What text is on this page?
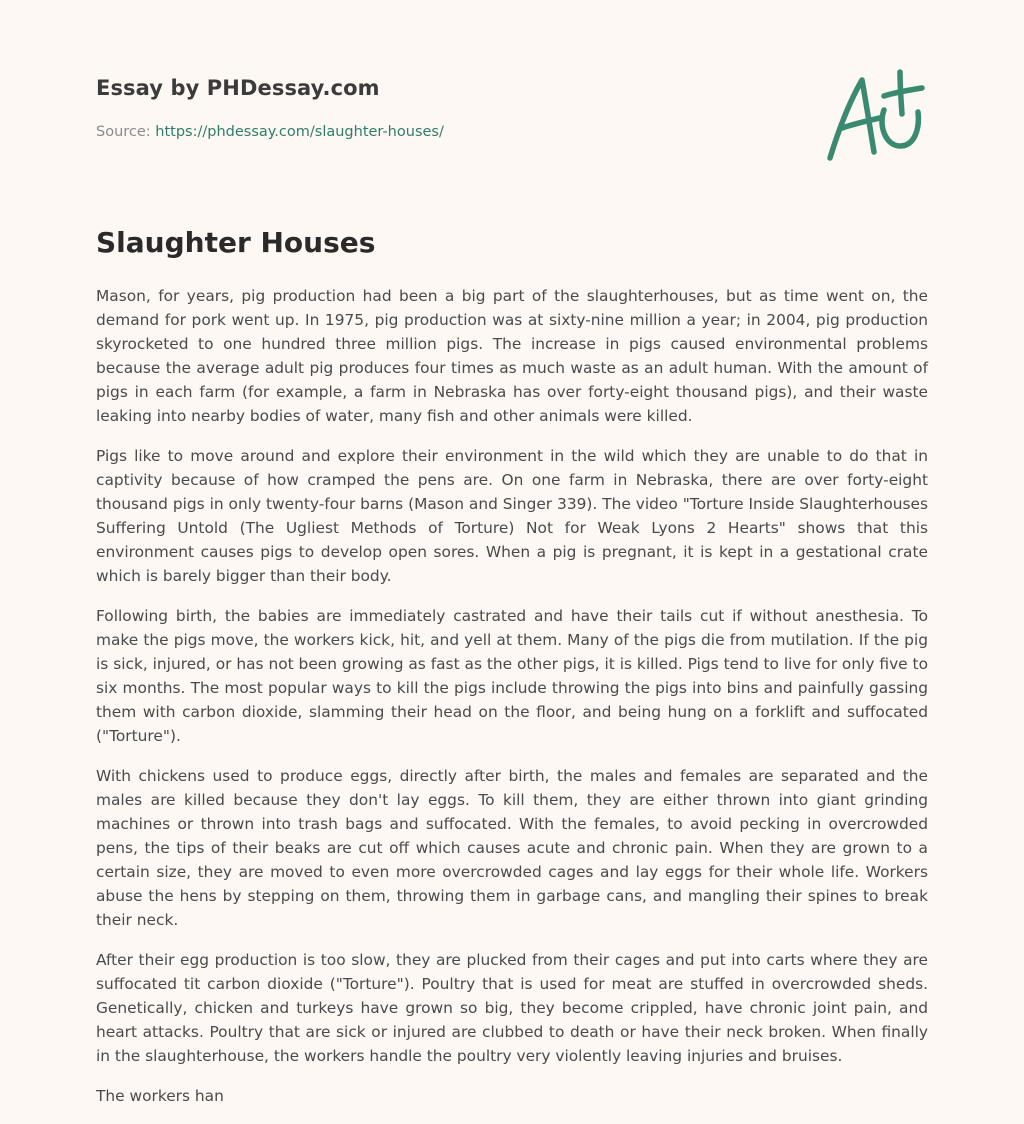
Essay by PHDessay.com

Source: https://phdessay.com/slaughter-houses/
Slaughter Houses

Mason, for years, pig production had been a big part of the slaughterhouses, but as time went on, the demand for pork went up. In 1975, pig production was at sixty-nine million a year; in 2004, pig production skyrocketed to one hundred three million pigs. The increase in pigs caused environmental problems because the average adult pig produces four times as much waste as an adult human. With the amount of pigs in each farm (for example, a farm in Nebraska has over forty-eight thousand pigs), and their waste leaking into nearby bodies of water, many fish and other animals were killed.

Pigs like to move around and explore their environment in the wild which they are unable to do that in captivity because of how cramped the pens are. On one farm in Nebraska, there are over forty-eight thousand pigs in only twenty-four barns (Mason and Singer 339). The video "Torture Inside Slaughterhouses Suffering Untold (The Ugliest Methods of Torture) Not for Weak Lyons 2 Hearts" shows that this environment causes pigs to develop open sores. When a pig is pregnant, it is kept in a gestational crate which is barely bigger than their body.

Following birth, the babies are immediately castrated and have their tails cut if without anesthesia. To make the pigs move, the workers kick, hit, and yell at them. Many of the pigs die from mutilation. If the pig is sick, injured, or has not been growing as fast as the other pigs, it is killed. Pigs tend to live for only five to six months. The most popular ways to kill the pigs include throwing the pigs into bins and painfully gassing them with carbon dioxide, slamming their head on the floor, and being hung on a forklift and suffocated ("Torture").

With chickens used to produce eggs, directly after birth, the males and females are separated and the males are killed because they don't lay eggs. To kill them, they are either thrown into giant grinding machines or thrown into trash bags and suffocated. With the females, to avoid pecking in overcrowded pens, the tips of their beaks are cut off which causes acute and chronic pain. When they are grown to a certain size, they are moved to even more overcrowded cages and lay eggs for their whole life. Workers abuse the hens by stepping on them, throwing them in garbage cans, and mangling their spines to break their neck.

After their egg production is too slow, they are plucked from their cages and put into carts where they are suffocated tit carbon dioxide ("Torture"). Poultry that is used for meat are stuffed in overcrowded sheds. Genetically, chicken and turkeys have grown so big, they become crippled, have chronic joint pain, and heart attacks. Poultry that are sick or injured are clubbed to death or have their neck broken. When finally in the slaughterhouse, the workers handle the poultry very violently leaving injuries and bruises.

The workers han
